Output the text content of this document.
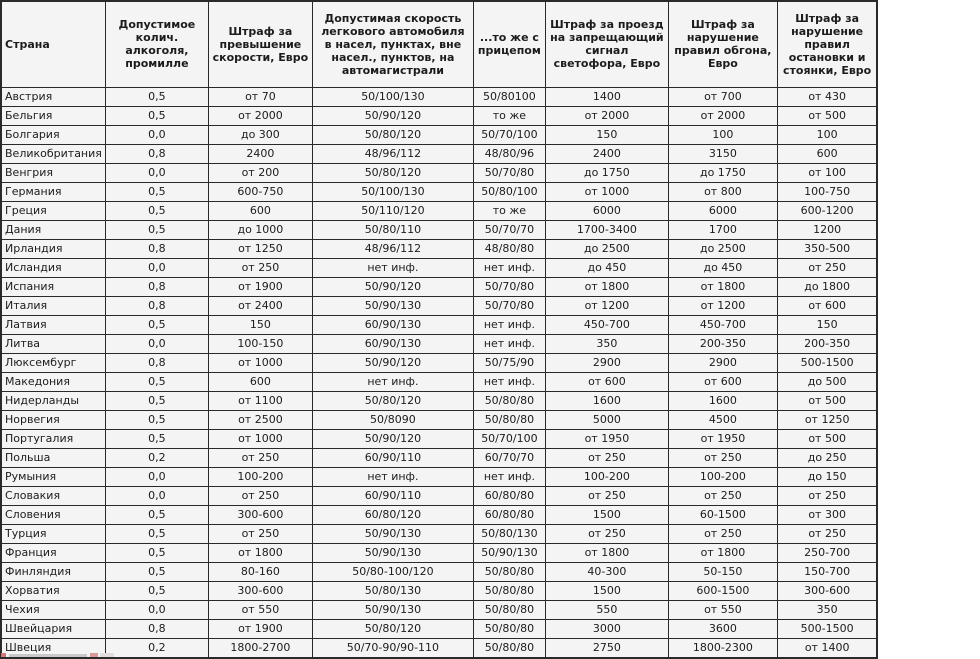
Страна	Допустимое колич. алкоголя, промилле	Штраф за превышение скорости, Евро	Допустимая скорость легкового автомобиля в насел, пунктах, вне насел., пунктов, на автомагистрали	...то же с прицепом	Штраф за проезд на запрещающий сигнал светофора, Евро	Штраф за нарушение правил обгона, Евро	Штраф за нарушение правил остановки и стоянки, Евро
Австрия	0,5	от 70	50/100/130	50/80100	1400	от 700	от 430
Бельгия	0,5	от 2000	50/90/120	то же	от 2000	от 2000	от 500
Болгария	0,0	до 300	50/80/120	50/70/100	150	100	100
Великобритания	0,8	2400	48/96/112	48/80/96	2400	3150	600
Венгрия	0,0	от 200	50/80/120	50/70/80	до 1750	до 1750	от 100
Германия	0,5	600-750	50/100/130	50/80/100	от 1000	от 800	100-750
Греция	0,5	600	50/110/120	то же	6000	6000	600-1200
Дания	0,5	до 1000	50/80/110	50/70/70	1700-3400	1700	1200
Ирландия	0,8	от 1250	48/96/112	48/80/80	до 2500	до 2500	350-500
Исландия	0,0	от 250	нет инф.	нет инф.	до 450	до 450	от 250
Испания	0,8	от 1900	50/90/120	50/70/80	от 1800	от 1800	до 1800
Италия	0,8	от 2400	50/90/130	50/70/80	от 1200	от 1200	от 600
Латвия	0,5	150	60/90/130	нет инф.	450-700	450-700	150
Литва	0,0	100-150	60/90/130	нет инф.	350	200-350	200-350
Люксембург	0,8	от 1000	50/90/120	50/75/90	2900	2900	500-1500
Македония	0,5	600	нет инф.	нет инф.	от 600	от 600	до 500
Нидерланды	0,5	от 1100	50/80/120	50/80/80	1600	1600	от 500
Норвегия	0,5	от 2500	50/8090	50/80/80	5000	4500	от 1250
Португалия	0,5	от 1000	50/90/120	50/70/100	от 1950	от 1950	от 500
Польша	0,2	от 250	60/90/110	60/70/70	от 250	от 250	до 250
Румыния	0,0	100-200	нет инф.	нет инф.	100-200	100-200	до 150
Словакия	0,0	от 250	60/90/110	60/80/80	от 250	от 250	от 250
Словения	0,5	300-600	60/80/120	60/80/80	1500	60-1500	от 300
Турция	0,5	от 250	50/90/130	50/80/130	от 250	от 250	от 250
Франция	0,5	от 1800	50/90/130	50/90/130	от 1800	от 1800	250-700
Финляндия	0,5	80-160	50/80-100/120	50/80/80	40-300	50-150	150-700
Хорватия	0,5	300-600	50/80/130	50/80/80	1500	600-1500	300-600
Чехия	0,0	от 550	50/90/130	50/80/80	550	от 550	350
Швейцария	0,8	от 1900	50/80/120	50/80/80	3000	3600	500-1500
Швеция	0,2	1800-2700	50/70-90/90-110	50/80/80	2750	1800-2300	от 1400
